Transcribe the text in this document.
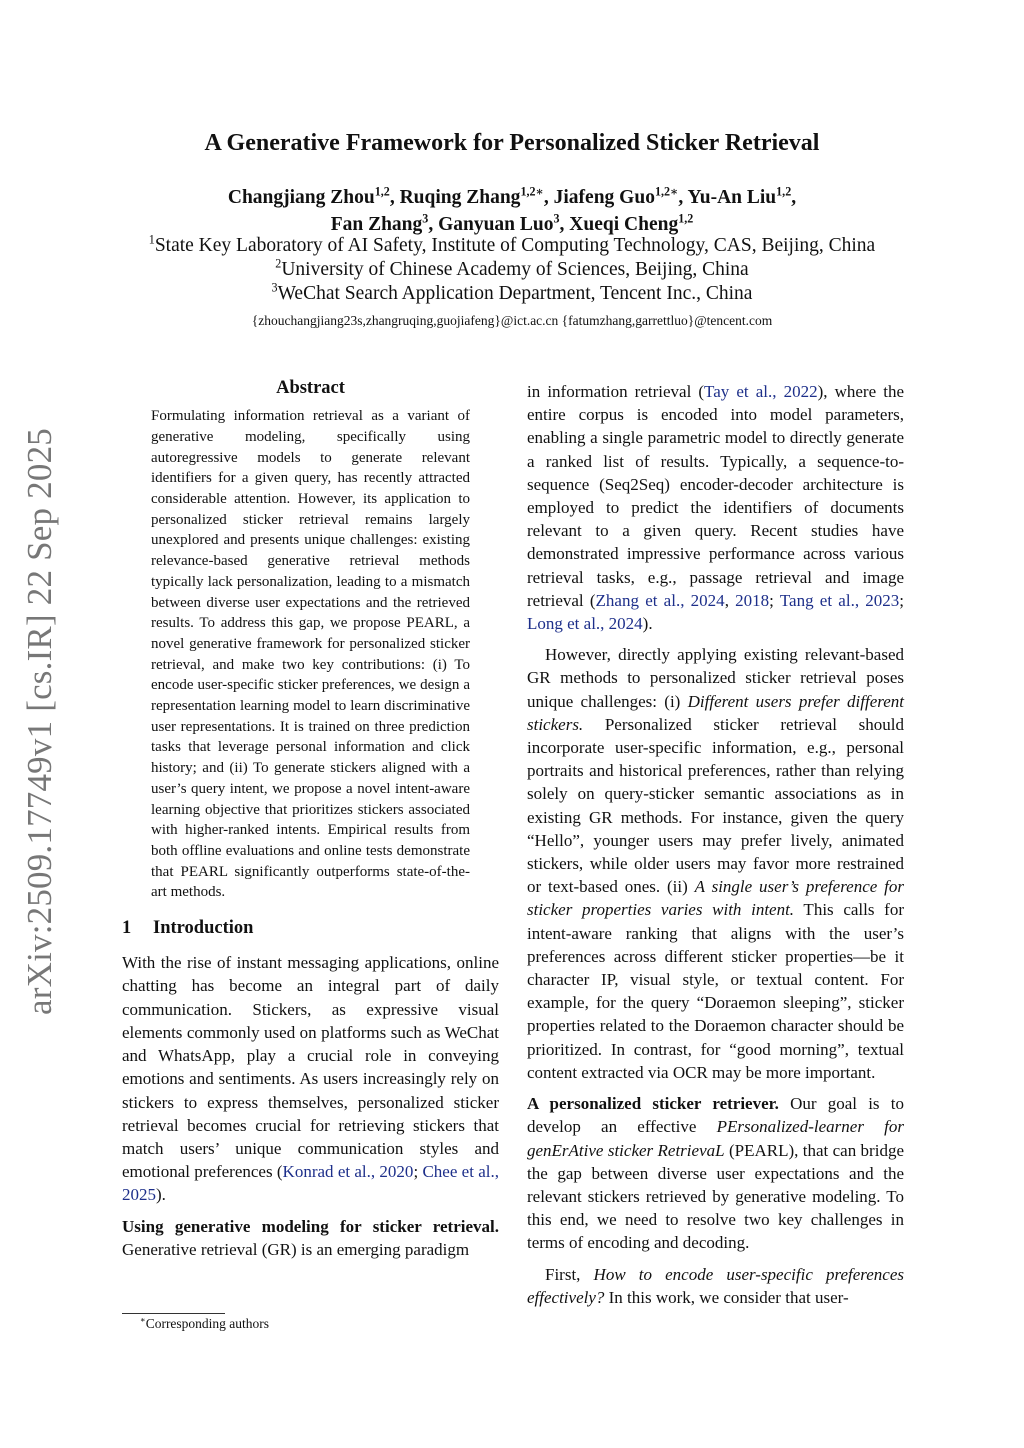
arXiv:2509.17749v1 [cs.IR] 22 Sep 2025
A Generative Framework for Personalized Sticker Retrieval
Changjiang Zhou$^{1,2}$, Ruqing Zhang$^{1,2∗}$, Jiafeng Guo$^{1,2∗}$, Yu-An Liu$^{1,2}$,
Fan Zhang$^3$, Ganyuan Luo$^3$, Xueqi Cheng$^{1,2}$
$^1$State Key Laboratory of AI Safety, Institute of Computing Technology, CAS, Beijing, China
$^2$University of Chinese Academy of Sciences, Beijing, China
$^3$WeChat Search Application Department, Tencent Inc., China
{zhouchangjiang23s,zhangruqing,guojiafeng}@ict.ac.cn {fatumzhang,garrettluo}@tencent.com
Abstract

Formulating information retrieval as a variant of generative modeling, specifically using autoregressive models to generate relevant identifiers for a given query, has recently attracted considerable attention. However, its application to personalized sticker retrieval remains largely unexplored and presents unique challenges: existing relevance-based generative retrieval methods typically lack personalization, leading to a mismatch between diverse user expectations and the retrieved results. To address this gap, we propose PEARL, a novel generative framework for personalized sticker retrieval, and make two key contributions: (i) To encode user-specific sticker preferences, we design a representation learning model to learn discriminative user representations. It is trained on three prediction tasks that leverage personal information and click history; and (ii) To generate stickers aligned with a user’s query intent, we propose a novel intent-aware learning objective that prioritizes stickers associated with higher-ranked intents. Empirical results from both offline evaluations and online tests demonstrate that PEARL significantly outperforms state-of-the-art methods.

1 Introduction

With the rise of instant messaging applications, online chatting has become an integral part of daily communication. Stickers, as expressive visual elements commonly used on platforms such as WeChat and WhatsApp, play a crucial role in conveying emotions and sentiments. As users increasingly rely on stickers to express themselves, personalized sticker retrieval becomes crucial for retrieving stickers that match users’ unique communication styles and emotional preferences (Konrad et al., 2020; Chee et al., 2025).

Using generative modeling for sticker retrieval. Generative retrieval (GR) is an emerging paradigm

in information retrieval (Tay et al., 2022), where the entire corpus is encoded into model parameters, enabling a single parametric model to directly generate a ranked list of results. Typically, a sequence-to-sequence (Seq2Seq) encoder-decoder architecture is employed to predict the identifiers of documents relevant to a given query. Recent studies have demonstrated impressive performance across various retrieval tasks, e.g., passage retrieval and image retrieval (Zhang et al., 2024, 2018; Tang et al., 2023; Long et al., 2024).

However, directly applying existing relevant-based GR methods to personalized sticker retrieval poses unique challenges: (i) Different users prefer different stickers. Personalized sticker retrieval should incorporate user-specific information, e.g., personal portraits and historical preferences, rather than relying solely on query-sticker semantic associations as in existing GR methods. For instance, given the query “Hello”, younger users may prefer lively, animated stickers, while older users may favor more restrained or text-based ones. (ii) A single user’s preference for sticker properties varies with intent. This calls for intent-aware ranking that aligns with the user’s preferences across different sticker properties—be it character IP, visual style, or textual content. For example, for the query “Doraemon sleeping”, sticker properties related to the Doraemon character should be prioritized. In contrast, for “good morning”, textual content extracted via OCR may be more important.

A personalized sticker retriever. Our goal is to develop an effective PErsonalized-learner for genErAtive sticker RetrievaL (PEARL), that can bridge the gap between diverse user expectations and the relevant stickers retrieved by generative modeling. To this end, we need to resolve two key challenges in terms of encoding and decoding.

First, How to encode user-specific preferences effectively? In this work, we consider that user-

∗Corresponding authors
